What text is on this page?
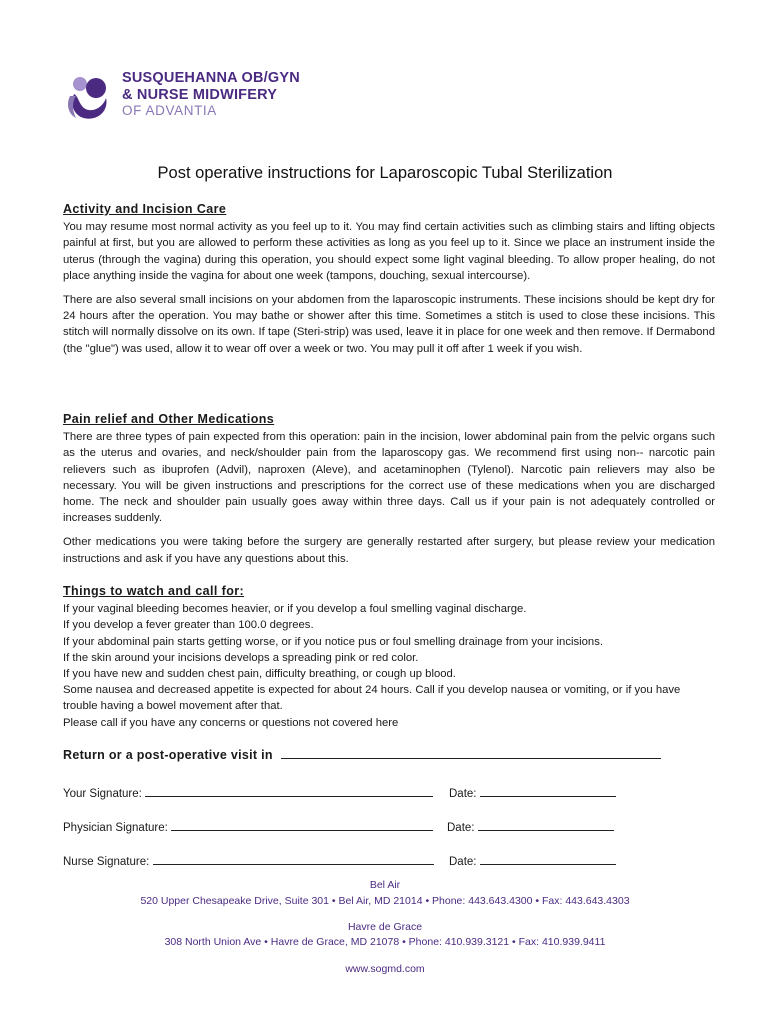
SUSQUEHANNA OB/GYN
& NURSE MIDWIFERY
OF ADVANTIA
Post operative instructions for Laparoscopic Tubal Sterilization
Activity and Incision Care

You may resume most normal activity as you feel up to it. You may find certain activities such as climbing stairs and lifting objects painful at first, but you are allowed to perform these activities as long as you feel up to it. Since we place an instrument inside the uterus (through the vagina) during this operation, you should expect some light vaginal bleeding. To allow proper healing, do not place anything inside the vagina for about one week (tampons, douching, sexual intercourse).

There are also several small incisions on your abdomen from the laparoscopic instruments. These incisions should be kept dry for 24 hours after the operation. You may bathe or shower after this time. Sometimes a stitch is used to close these incisions. This stitch will normally dissolve on its own. If tape (Steri-strip) was used, leave it in place for one week and then remove. If Dermabond (the "glue") was used, allow it to wear off over a week or two. You may pull it off after 1 week if you wish.

Pain relief and Other Medications

There are three types of pain expected from this operation: pain in the incision, lower abdominal pain from the pelvic organs such as the uterus and ovaries, and neck/shoulder pain from the laparoscopy gas. We recommend first using non-- narcotic pain relievers such as ibuprofen (Advil), naproxen (Aleve), and acetaminophen (Tylenol). Narcotic pain relievers may also be necessary. You will be given instructions and prescriptions for the correct use of these medications when you are discharged home. The neck and shoulder pain usually goes away within three days. Call us if your pain is not adequately controlled or increases suddenly.

Other medications you were taking before the surgery are generally restarted after surgery, but please review your medication instructions and ask if you have any questions about this.

Things to watch and call for:
If your vaginal bleeding becomes heavier, or if you develop a foul smelling vaginal discharge.
If you develop a fever greater than 100.0 degrees.
If your abdominal pain starts getting worse, or if you notice pus or foul smelling drainage from your incisions.
If the skin around your incisions develops a spreading pink or red color.
If you have new and sudden chest pain, difficulty breathing, or cough up blood.
Some nausea and decreased appetite is expected for about 24 hours. Call if you develop nausea or vomiting, or if you have trouble having a bowel movement after that.
Please call if you have any concerns or questions not covered here
Return or a post-operative visit in
Your Signature:	Date:
Physician Signature:	Date:
Nurse Signature:	Date:
Bel Air
520 Upper Chesapeake Drive, Suite 301 • Bel Air, MD 21014 • Phone: 443.643.4300 • Fax: 443.643.4303
Havre de Grace
308 North Union Ave • Havre de Grace, MD 21078 • Phone: 410.939.3121 • Fax: 410.939.9411
www.sogmd.com
